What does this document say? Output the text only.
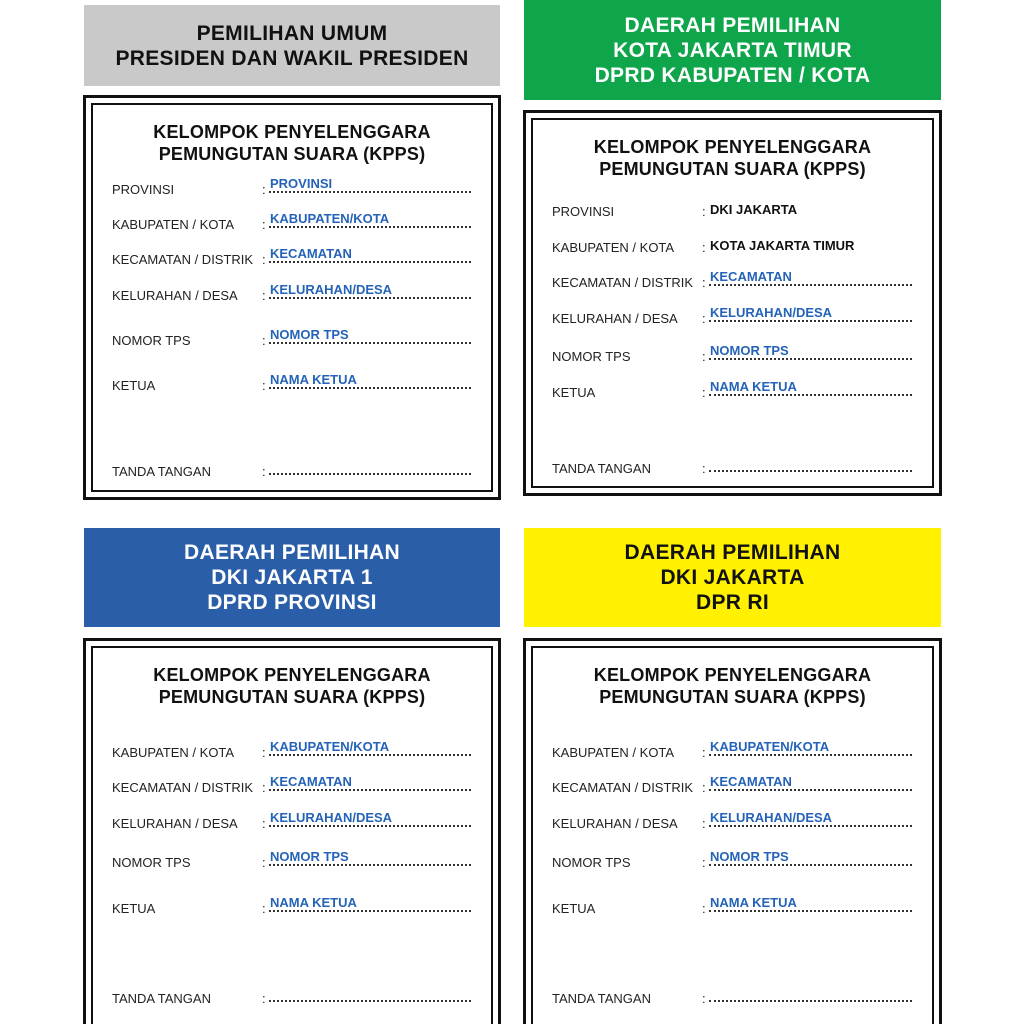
PEMILIHAN UMUM
PRESIDEN DAN WAKIL PRESIDEN
KELOMPOK PENYELENGGARA
PEMUNGUTAN SUARA (KPPS)
PROVINSI	: PROVINSI
KABUPATEN / KOTA : KABUPATEN/KOTA
KECAMATAN / DISTRIK : KECAMATAN
KELURAHAN / DESA : KELURAHAN/DESA
NOMOR TPS	: NOMOR TPS
KETUA	: NAMA KETUA
TANDA TANGAN	:
DAERAH PEMILIHAN
KOTA JAKARTA TIMUR
DPRD KABUPATEN / KOTA
KELOMPOK PENYELENGGARA
PEMUNGUTAN SUARA (KPPS)
PROVINSI	: DKI JAKARTA
KABUPATEN / KOTA : KOTA JAKARTA TIMUR
KECAMATAN / DISTRIK : KECAMATAN
KELURAHAN / DESA : KELURAHAN/DESA
NOMOR TPS	: NOMOR TPS
KETUA	: NAMA KETUA
TANDA TANGAN	:
DAERAH PEMILIHAN
DKI JAKARTA 1
DPRD PROVINSI
KELOMPOK PENYELENGGARA
PEMUNGUTAN SUARA (KPPS)
KABUPATEN / KOTA : KABUPATEN/KOTA
KECAMATAN / DISTRIK : KECAMATAN
KELURAHAN / DESA : KELURAHAN/DESA
NOMOR TPS	: NOMOR TPS
KETUA	: NAMA KETUA
TANDA TANGAN	:
DAERAH PEMILIHAN
DKI JAKARTA
DPR RI
KELOMPOK PENYELENGGARA
PEMUNGUTAN SUARA (KPPS)
KABUPATEN / KOTA : KABUPATEN/KOTA
KECAMATAN / DISTRIK : KECAMATAN
KELURAHAN / DESA : KELURAHAN/DESA
NOMOR TPS	: NOMOR TPS
KETUA	: NAMA KETUA
TANDA TANGAN	:
